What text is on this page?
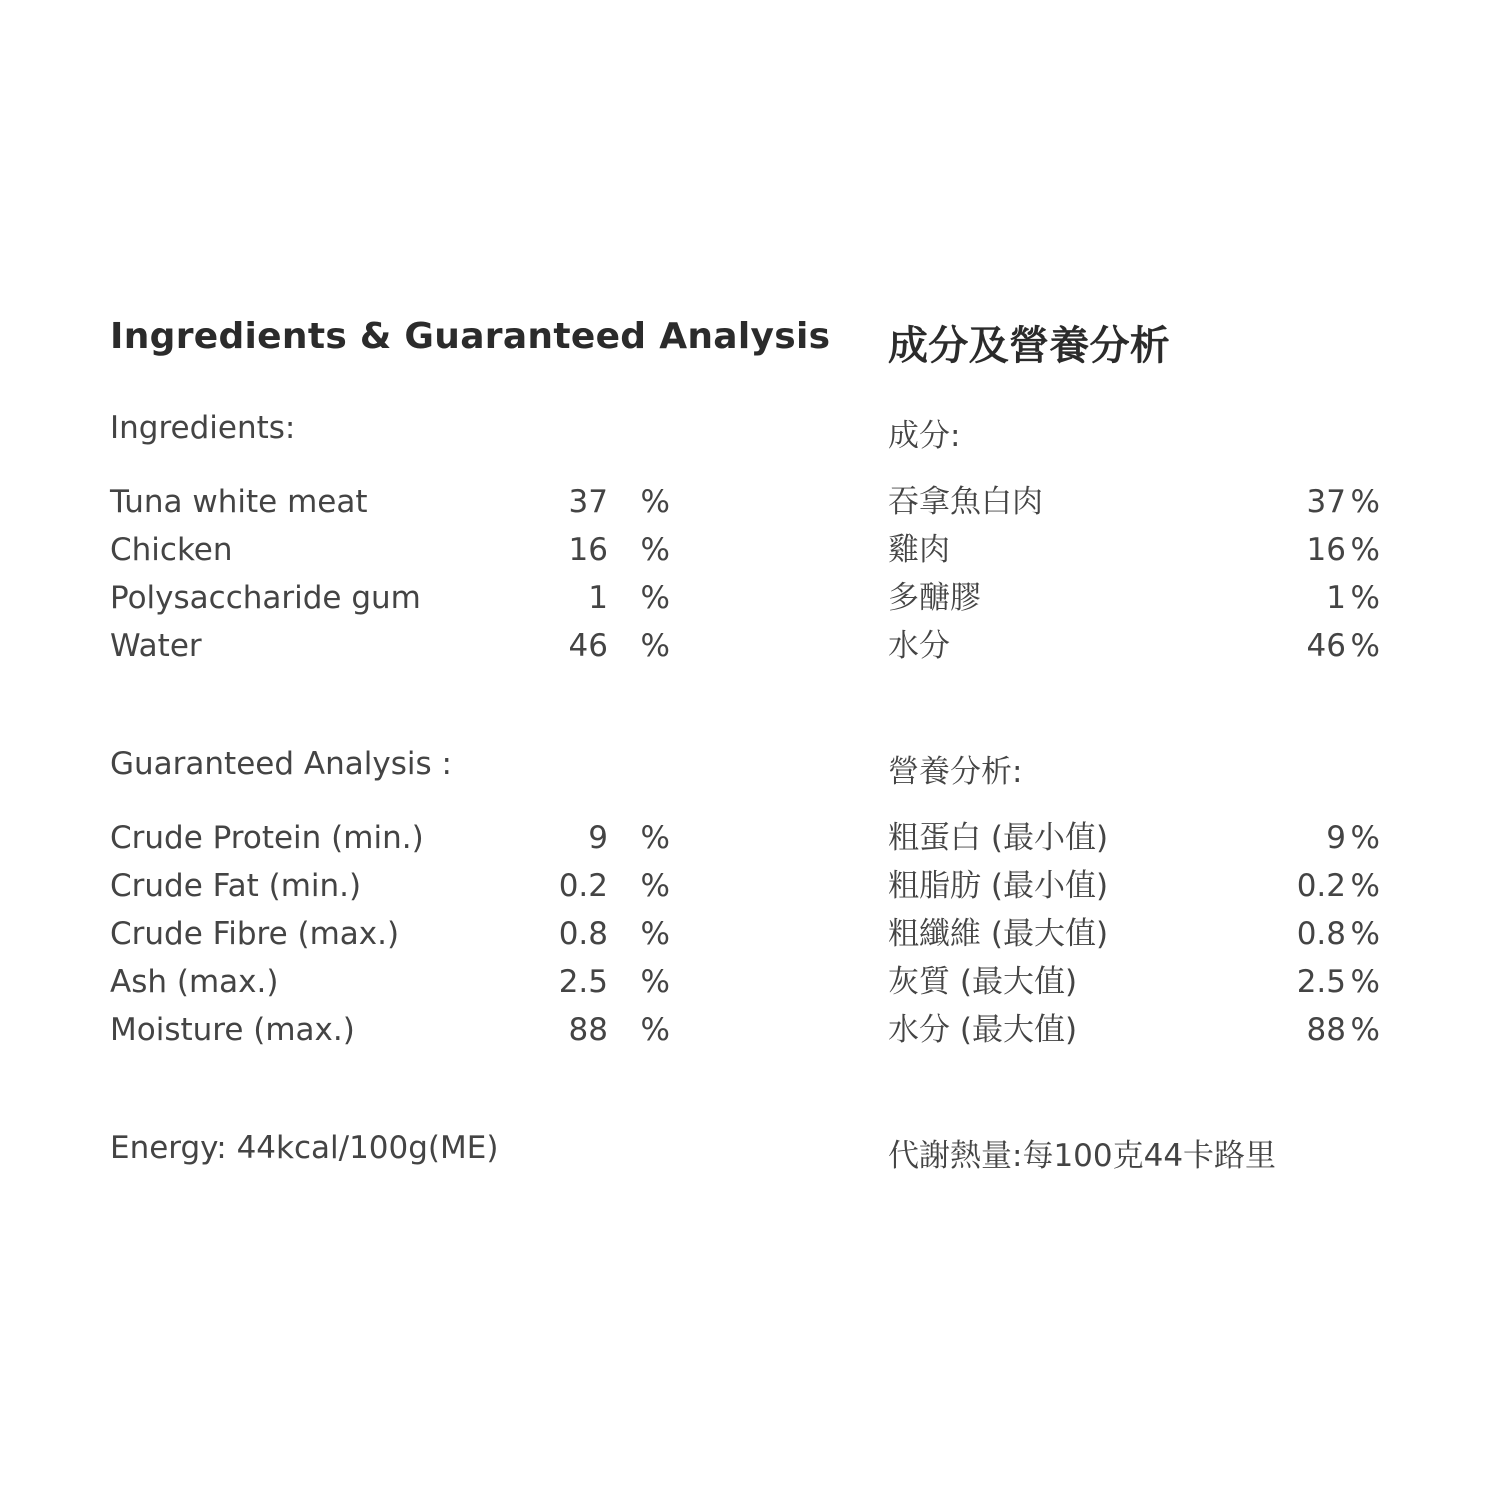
Ingredients & Guaranteed Analysis
Ingredients:
Tuna white meat	37 %
Chicken	16 %
Polysaccharide gum	1 %
Water	46 %
Guaranteed Analysis :
Crude Protein (min.)	9 %
Crude Fat (min.)	0.2 %
Crude Fibre (max.)	0.8 %
Ash (max.)	2.5 %
Moisture (max.)	88 %
Energy: 44kcal/100g(ME)
成分及營養分析
成分:
吞拿魚白肉	37 %
雞肉	16 %
多醣膠	1 %
水分	46 %
營養分析:
粗蛋白 (最小值)	9 %
粗脂肪 (最小值)	0.2 %
粗纖維 (最大值)	0.8 %
灰質 (最大值)	2.5 %
水分 (最大值)	88 %
代謝熱量:每100克44卡路里
